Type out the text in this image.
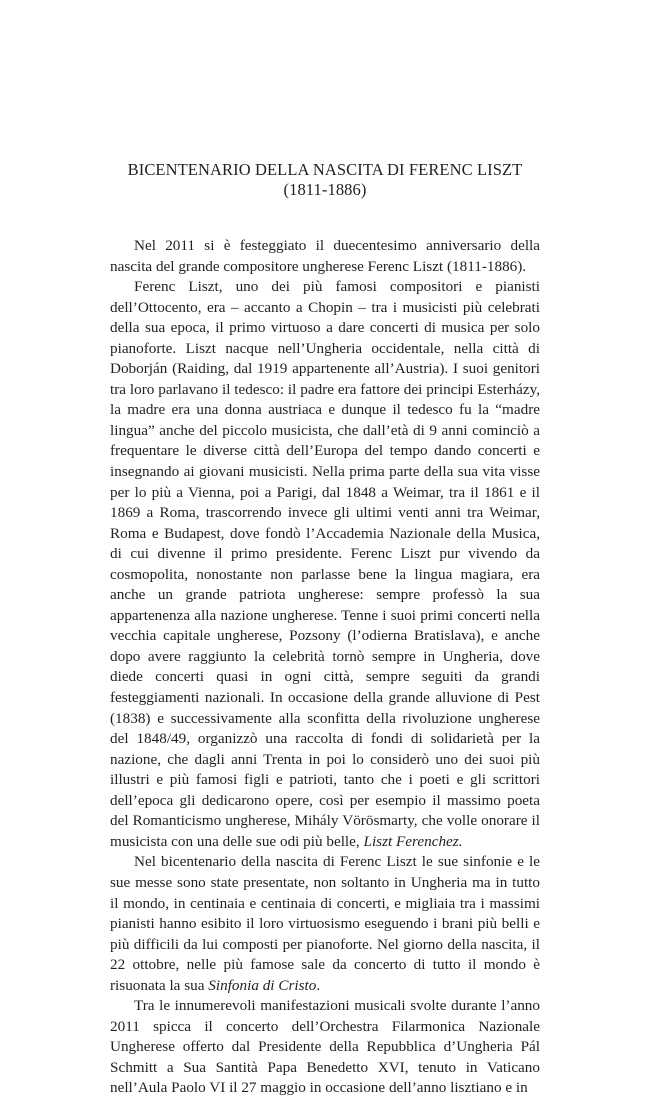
BICENTENARIO DELLA NASCITA DI FERENC LISZT
(1811-1886)

Nel 2011 si è festeggiato il duecentesimo anniversario della nascita del grande compositore ungherese Ferenc Liszt (1811-1886).

Ferenc Liszt, uno dei più famosi compositori e pianisti dell’Ottocento, era – accanto a Chopin – tra i musicisti più celebrati della sua epoca, il primo virtuoso a dare concerti di musica per solo pianoforte. Liszt nacque nell’Ungheria occidentale, nella città di Doborján (Raiding, dal 1919 appartenente all’Austria). I suoi genitori tra loro parlavano il tedesco: il padre era fattore dei principi Esterházy, la madre era una donna austriaca e dunque il tedesco fu la “madre lingua” anche del piccolo musicista, che dall’età di 9 anni cominciò a frequentare le diverse città dell’Europa del tempo dando concerti e insegnando ai giovani musicisti. Nella prima parte della sua vita visse per lo più a Vienna, poi a Parigi, dal 1848 a Weimar, tra il 1861 e il 1869 a Roma, trascorrendo invece gli ultimi venti anni tra Weimar, Roma e Budapest, dove fondò l’Accademia Nazionale della Musica, di cui divenne il primo presidente. Ferenc Liszt pur vivendo da cosmopolita, nonostante non parlasse bene la lingua magiara, era anche un grande patriota ungherese: sempre professò la sua appartenenza alla nazione ungherese. Tenne i suoi primi concerti nella vecchia capitale ungherese, Pozsony (l’odierna Bratislava), e anche dopo avere raggiunto la celebrità tornò sempre in Ungheria, dove diede concerti quasi in ogni città, sempre seguiti da grandi festeggiamenti nazionali. In occasione della grande alluvione di Pest (1838) e successivamente alla sconfitta della rivoluzione ungherese del 1848/49, organizzò una raccolta di fondi di solidarietà per la nazione, che dagli anni Trenta in poi lo considerò uno dei suoi più illustri e più famosi figli e patrioti, tanto che i poeti e gli scrittori dell’epoca gli dedicarono opere, così per esempio il massimo poeta del Romanticismo ungherese, Mihály Vörösmarty, che volle onorare il musicista con una delle sue odi più belle, Liszt Ferenchez.

Nel bicentenario della nascita di Ferenc Liszt le sue sinfonie e le sue messe sono state presentate, non soltanto in Ungheria ma in tutto il mondo, in centinaia e centinaia di concerti, e migliaia tra i massimi pianisti hanno esibito il loro virtuosismo eseguendo i brani più belli e più difficili da lui composti per pianoforte. Nel giorno della nascita, il 22 ottobre, nelle più famose sale da concerto di tutto il mondo è risuonata la sua Sinfonia di Cristo.

Tra le innumerevoli manifestazioni musicali svolte durante l’anno 2011 spicca il concerto dell’Orchestra Filarmonica Nazionale Ungherese offerto dal Presidente della Repubblica d’Ungheria Pál Schmitt a Sua Santità Papa Benedetto XVI, tenuto in Vaticano nell’Aula Paolo VI il 27 maggio in occasione dell’anno lisztiano e in
